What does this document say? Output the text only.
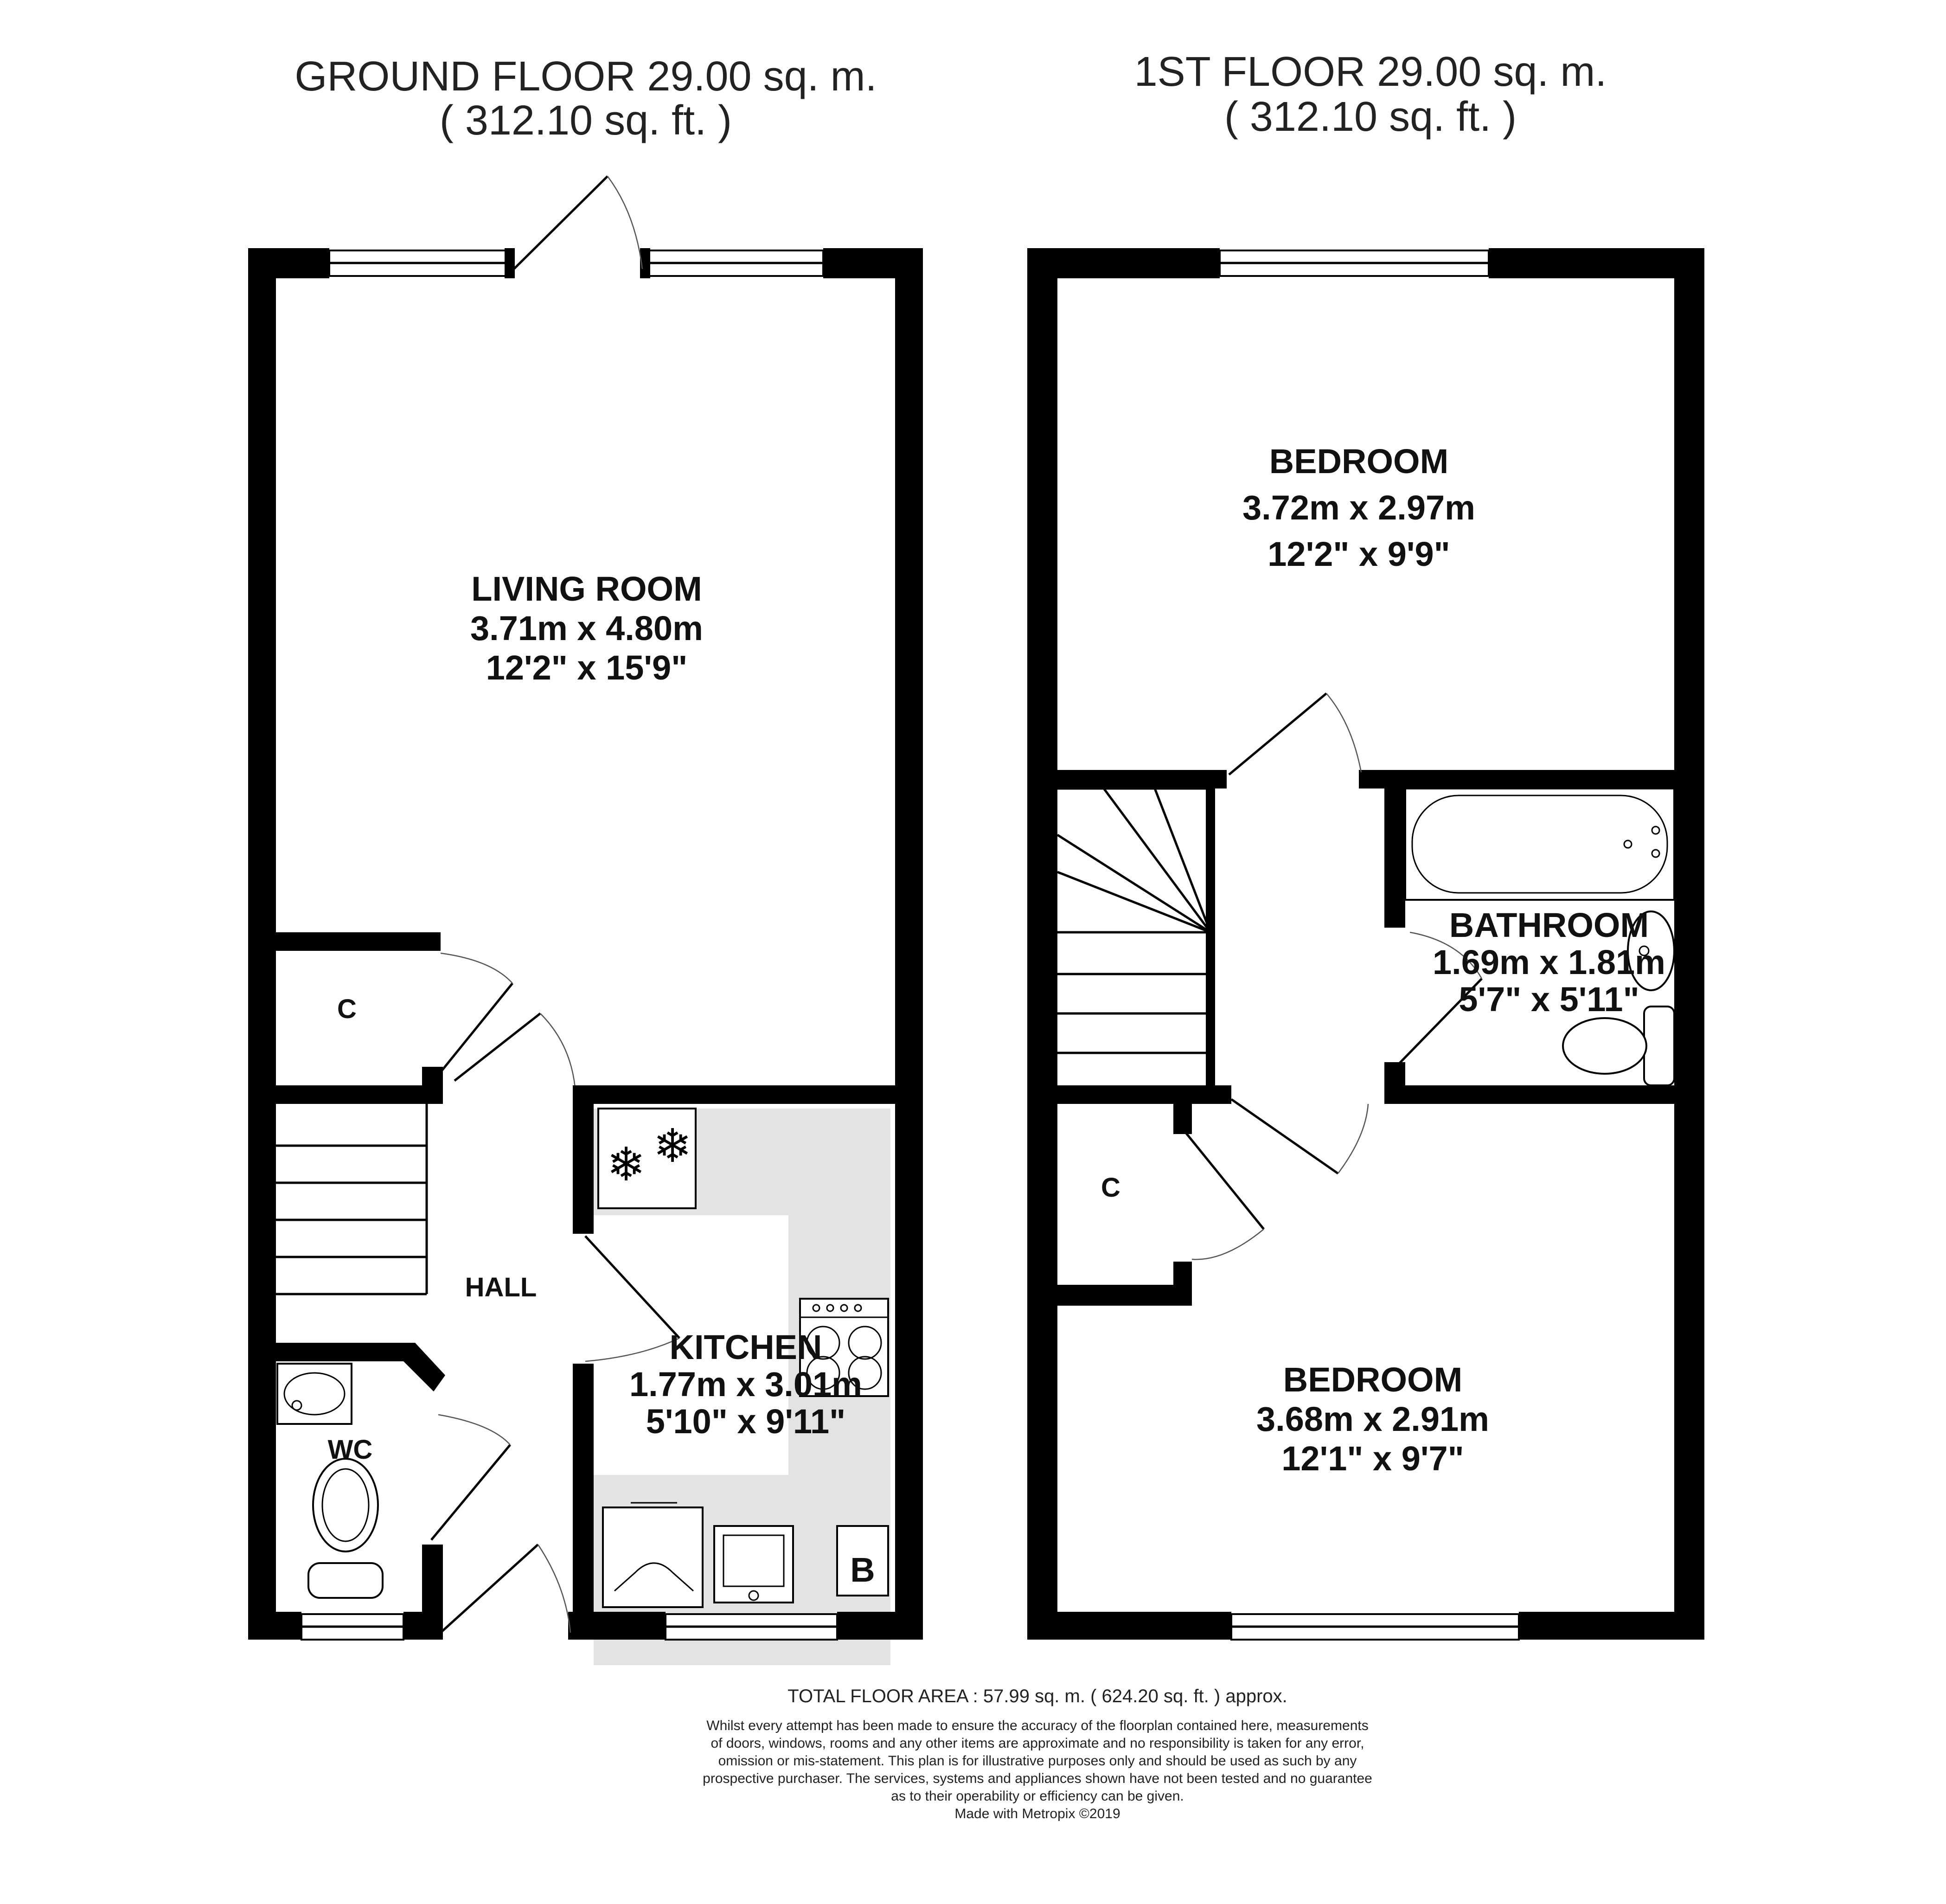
GROUND FLOOR 29.00 sq. m.
( 312.10 sq. ft. )
1ST FLOOR 29.00 sq. m.
( 312.10 sq. ft. )
❄ ❄
B
LIVING ROOM
3.71m x 4.80m
12'2" x 15'9"
C
HALL
WC
KITCHEN
1.77m x 3.01m
5'10" x 9'11"
BEDROOM
3.72m x 2.97m
12'2" x 9'9"
BATHROOM
1.69m x 1.81m
5'7" x 5'11"
C
BEDROOM
3.68m x 2.91m
12'1" x 9'7"
TOTAL FLOOR AREA : 57.99 sq. m. ( 624.20 sq. ft. ) approx.
Whilst every attempt has been made to ensure the accuracy of the floorplan contained here, measurements
of doors, windows, rooms and any other items are approximate and no responsibility is taken for any error,
omission or mis-statement. This plan is for illustrative purposes only and should be used as such by any
prospective purchaser. The services, systems and appliances shown have not been tested and no guarantee
as to their operability or efficiency can be given.
Made with Metropix ©2019
